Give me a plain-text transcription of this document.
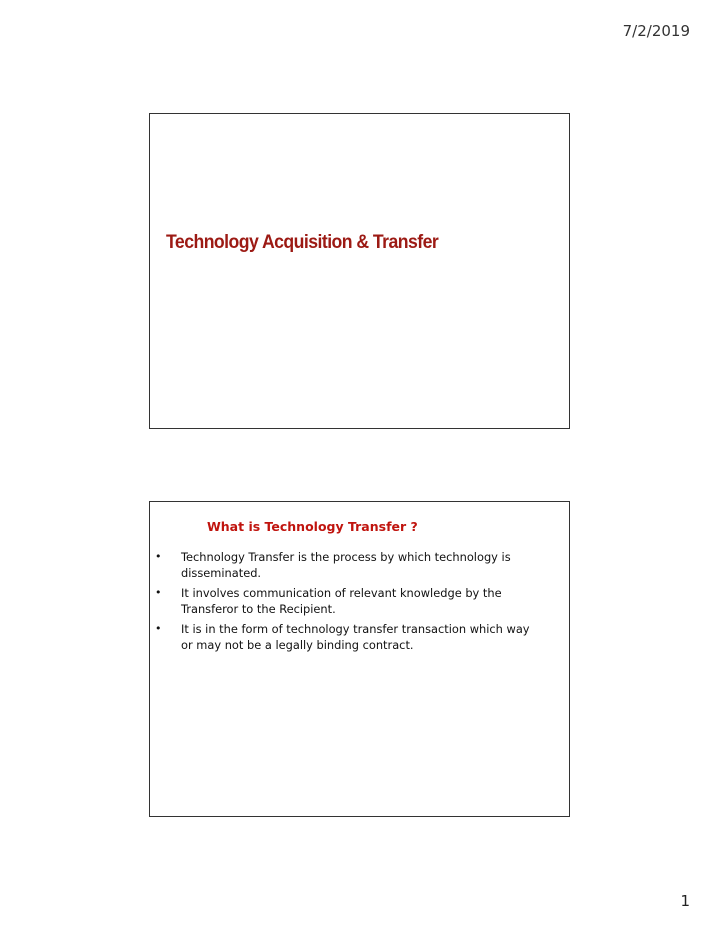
7/2/2019
Technology Acquisition & Transfer
What is Technology Transfer ?
• Technology Transfer is the process by which technology is disseminated.
• It involves communication of relevant knowledge by the Transferor to the Recipient.
• It is in the form of technology transfer transaction which way or may not be a legally binding contract.
1
